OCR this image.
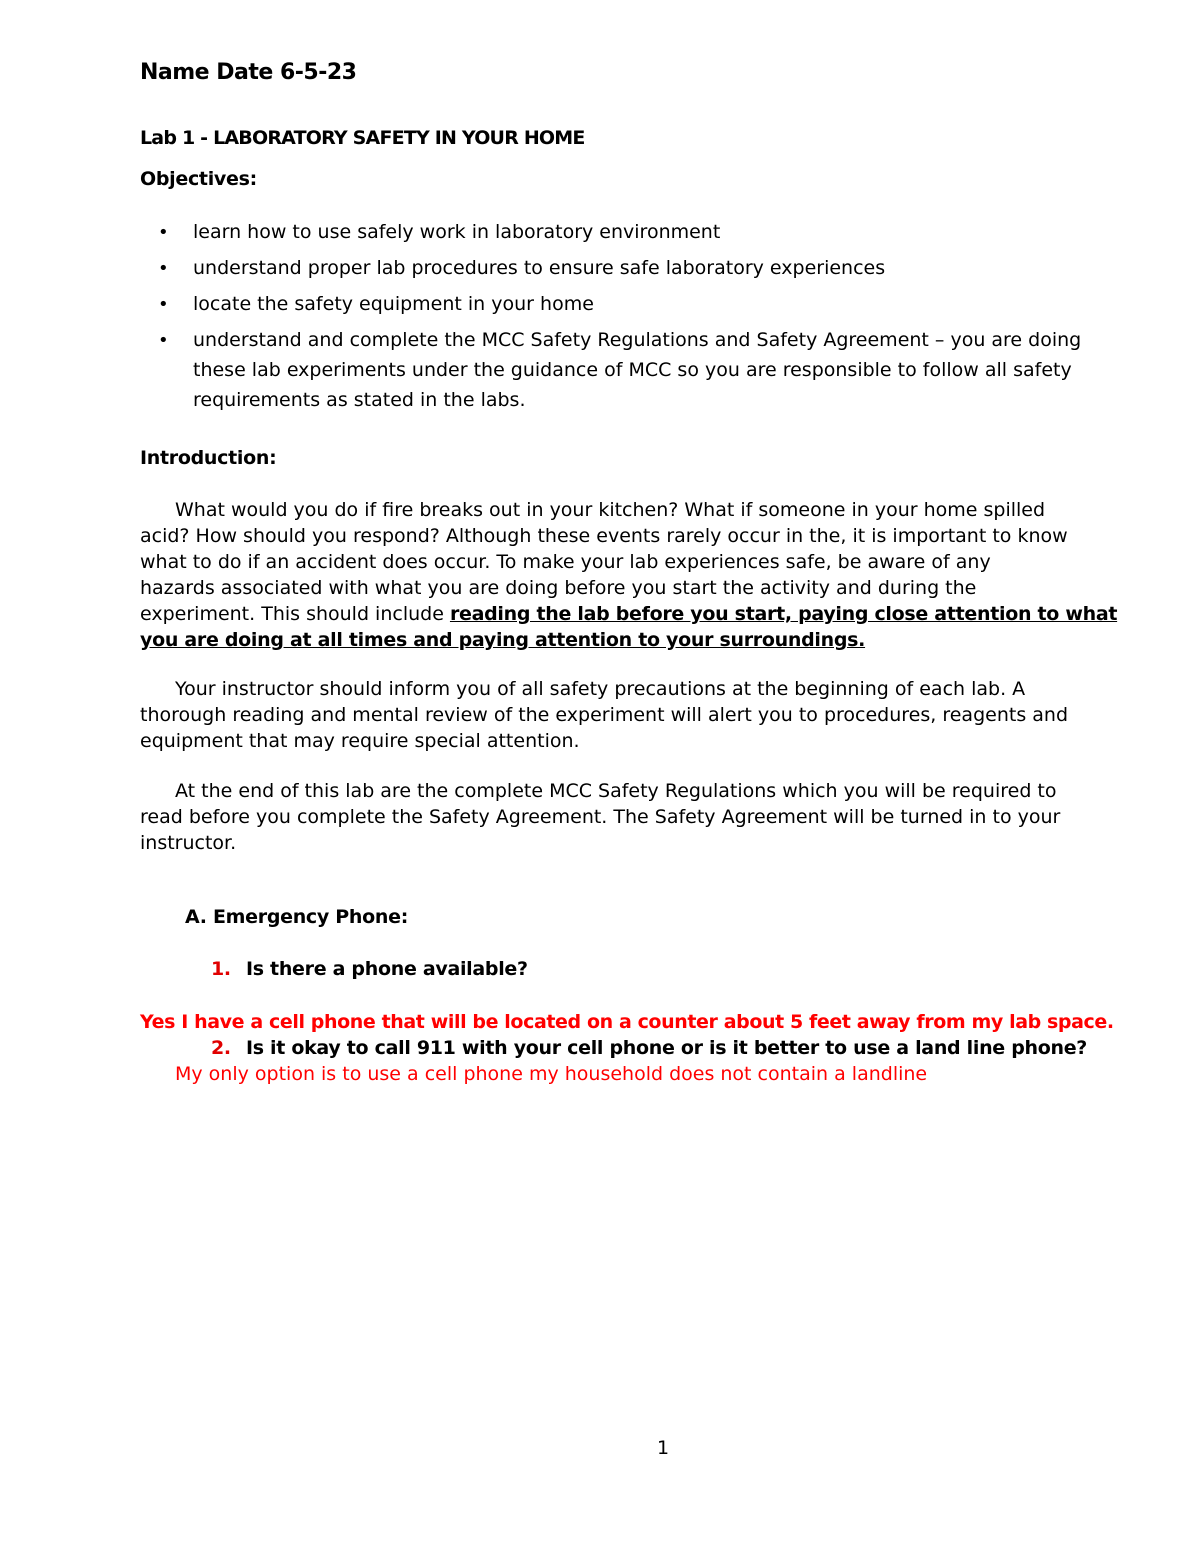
Name Date 6-5-23
Lab 1 - LABORATORY SAFETY IN YOUR HOME
Objectives:
• learn how to use safely work in laboratory environment
• understand proper lab procedures to ensure safe laboratory experiences
• locate the safety equipment in your home
• understand and complete the MCC Safety Regulations and Safety Agreement – you are doing
these lab experiments under the guidance of MCC so you are responsible to follow all safety
requirements as stated in the labs.
Introduction:
What would you do if fire breaks out in your kitchen? What if someone in your home spilled
acid? How should you respond? Although these events rarely occur in the, it is important to know
what to do if an accident does occur. To make your lab experiences safe, be aware of any
hazards associated with what you are doing before you start the activity and during the
experiment. This should include reading the lab before you start, paying close attention to what
you are doing at all times and paying attention to your surroundings.
Your instructor should inform you of all safety precautions at the beginning of each lab. A
thorough reading and mental review of the experiment will alert you to procedures, reagents and
equipment that may require special attention.
At the end of this lab are the complete MCC Safety Regulations which you will be required to
read before you complete the Safety Agreement. The Safety Agreement will be turned in to your
instructor.
A. Emergency Phone:
1. Is there a phone available?
Yes I have a cell phone that will be located on a counter about 5 feet away from my lab space.
2. Is it okay to call 911 with your cell phone or is it better to use a land line phone?
My only option is to use a cell phone my household does not contain a landline
1
